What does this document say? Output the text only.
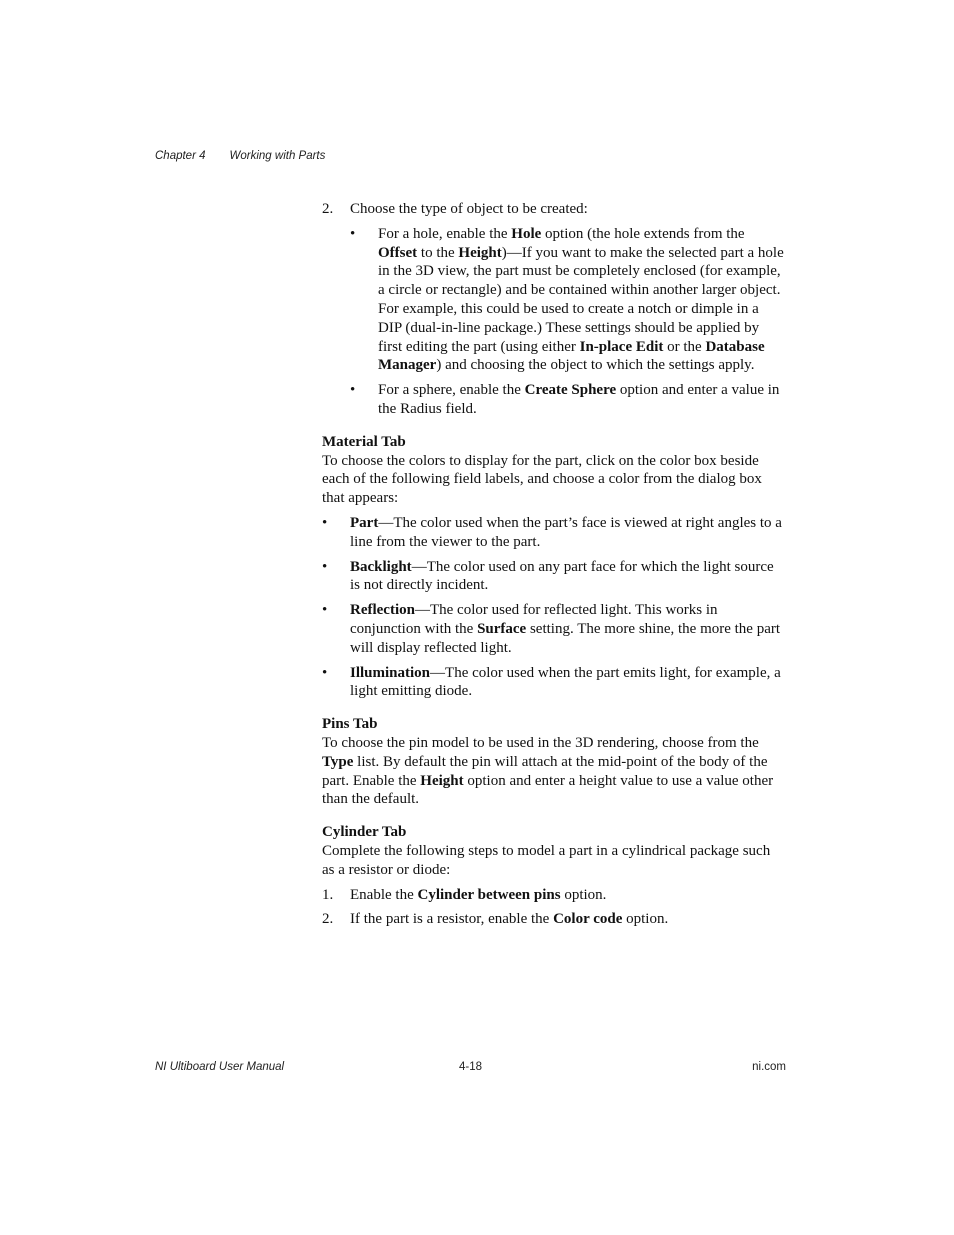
Chapter 4 Working with Parts
2. Choose the type of object to be created:
• For a hole, enable the Hole option (the hole extends from the Offset to the Height)—If you want to make the selected part a hole in the 3D view, the part must be completely enclosed (for example, a circle or rectangle) and be contained within another larger object. For example, this could be used to create a notch or dimple in a DIP (dual-in-line package.) These settings should be applied by first editing the part (using either In-place Edit or the Database Manager) and choosing the object to which the settings apply.
• For a sphere, enable the Create Sphere option and enter a value in the Radius field.
Material Tab
To choose the colors to display for the part, click on the color box beside each of the following field labels, and choose a color from the dialog box that appears:
• Part—The color used when the part’s face is viewed at right angles to a line from the viewer to the part.
• Backlight—The color used on any part face for which the light source is not directly incident.
• Reflection—The color used for reflected light. This works in conjunction with the Surface setting. The more shine, the more the part will display reflected light.
• Illumination—The color used when the part emits light, for example, a light emitting diode.
Pins Tab
To choose the pin model to be used in the 3D rendering, choose from the Type list. By default the pin will attach at the mid-point of the body of the part. Enable the Height option and enter a height value to use a value other than the default.
Cylinder Tab
Complete the following steps to model a part in a cylindrical package such as a resistor or diode:
1. Enable the Cylinder between pins option.
2. If the part is a resistor, enable the Color code option.
NI Ultiboard User Manual	4-18	ni.com
